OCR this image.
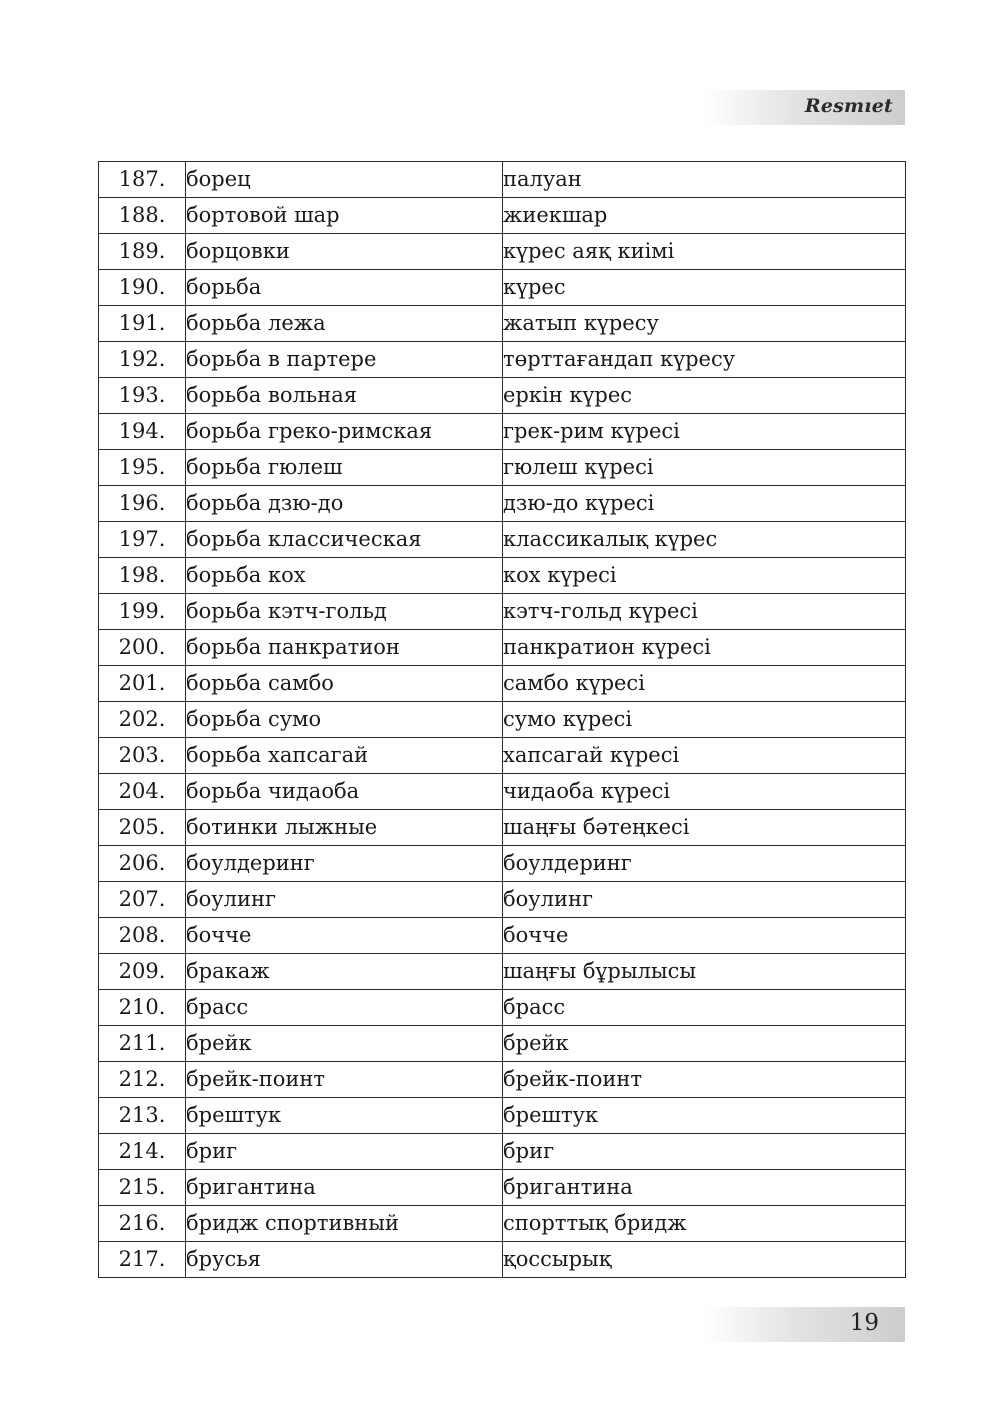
Resmıet
187.	борец	палуан
188.	бортовой шар	жиекшар
189.	борцовки	күрес аяқ киімі
190.	борьба	күрес
191.	борьба лежа	жатып күресу
192.	борьба в партере	төрттағандап күресу
193.	борьба вольная	еркін күрес
194.	борьба греко-римская	грек-рим күресі
195.	борьба гюлеш	гюлеш күресі
196.	борьба дзю-до	дзю-до күресі
197.	борьба классическая	классикалық күрес
198.	борьба кох	кох күресі
199.	борьба кэтч-гольд	кэтч-гольд күресі
200.	борьба панкратион	панкратион күресі
201.	борьба самбо	самбо күресі
202.	борьба сумо	сумо күресі
203.	борьба хапсагай	хапсагай күресі
204.	борьба чидаоба	чидаоба күресі
205.	ботинки лыжные	шаңғы бәтеңкесі
206.	боулдеринг	боулдеринг
207.	боулинг	боулинг
208.	бочче	бочче
209.	бракаж	шаңғы бұрылысы
210.	брасс	брасс
211.	брейк	брейк
212.	брейк-поинт	брейк-поинт
213.	брештук	брештук
214.	бриг	бриг
215.	бригантина	бригантина
216.	бридж спортивный	спорттық бридж
217.	брусья	қоссырық
19
